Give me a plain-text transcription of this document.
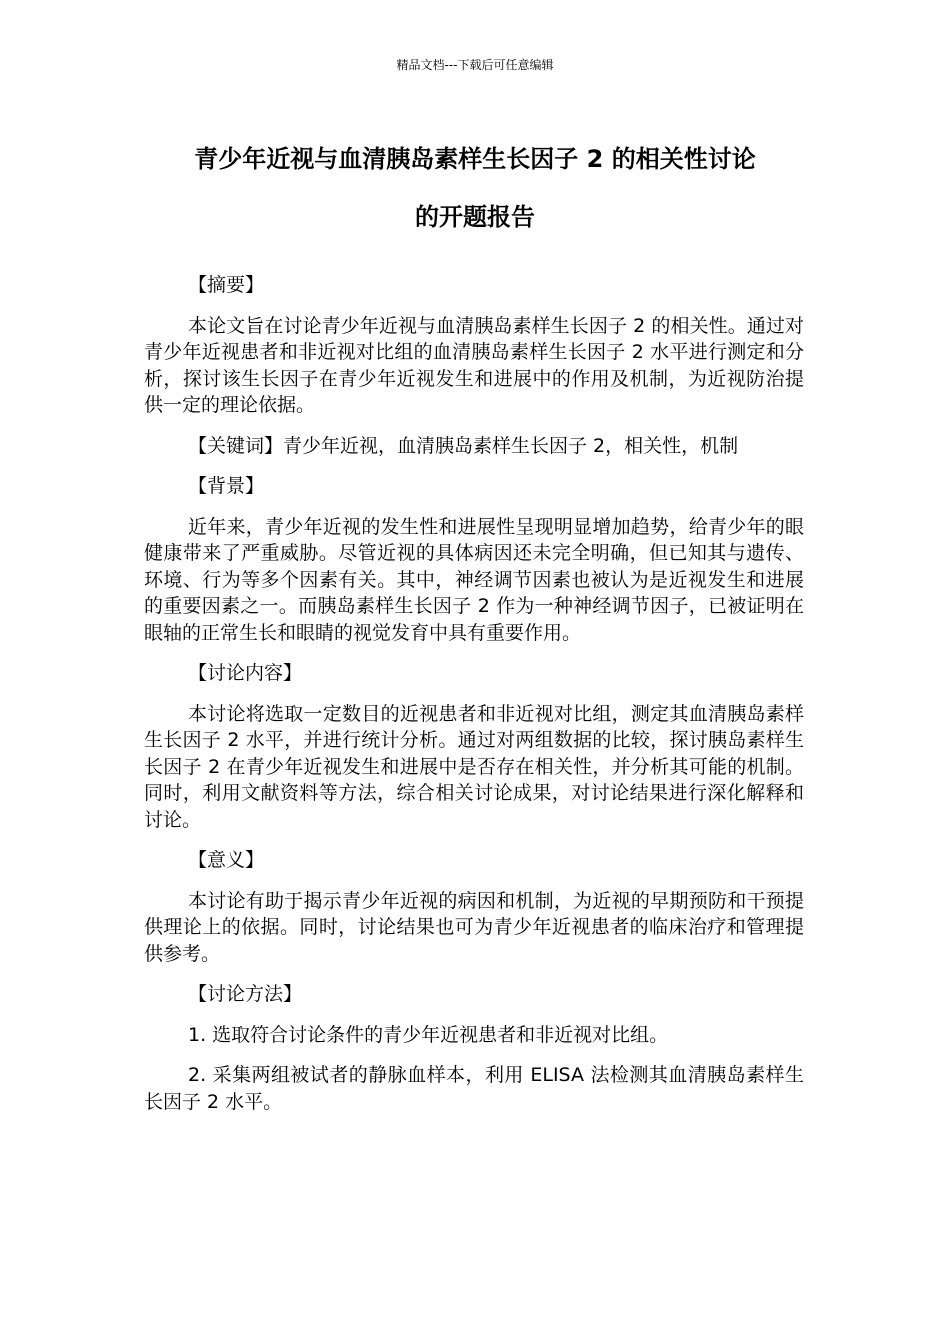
精品文档---下载后可任意编辑
青少年近视与血清胰岛素样生长因子 2 的相关性讨论
的开题报告

【摘要】

本论文旨在讨论青少年近视与血清胰岛素样生长因子 2 的相关性。通过对青少年近视患者和非近视对比组的血清胰岛素样生长因子 2 水平进行测定和分析，探讨该生长因子在青少年近视发生和进展中的作用及机制，为近视防治提供一定的理论依据。

【关键词】青少年近视，血清胰岛素样生长因子 2，相关性，机制

【背景】

近年来，青少年近视的发生性和进展性呈现明显增加趋势，给青少年的眼健康带来了严重威胁。尽管近视的具体病因还未完全明确，但已知其与遗传、环境、行为等多个因素有关。其中，神经调节因素也被认为是近视发生和进展的重要因素之一。而胰岛素样生长因子 2 作为一种神经调节因子，已被证明在眼轴的正常生长和眼睛的视觉发育中具有重要作用。

【讨论内容】

本讨论将选取一定数目的近视患者和非近视对比组，测定其血清胰岛素样生长因子 2 水平，并进行统计分析。通过对两组数据的比较，探讨胰岛素样生长因子 2 在青少年近视发生和进展中是否存在相关性，并分析其可能的机制。同时，利用文献资料等方法，综合相关讨论成果，对讨论结果进行深化解释和讨论。

【意义】

本讨论有助于揭示青少年近视的病因和机制，为近视的早期预防和干预提供理论上的依据。同时，讨论结果也可为青少年近视患者的临床治疗和管理提供参考。

【讨论方法】

1. 选取符合讨论条件的青少年近视患者和非近视对比组。

2. 采集两组被试者的静脉血样本，利用 ELISA 法检测其血清胰岛素样生长因子 2 水平。
